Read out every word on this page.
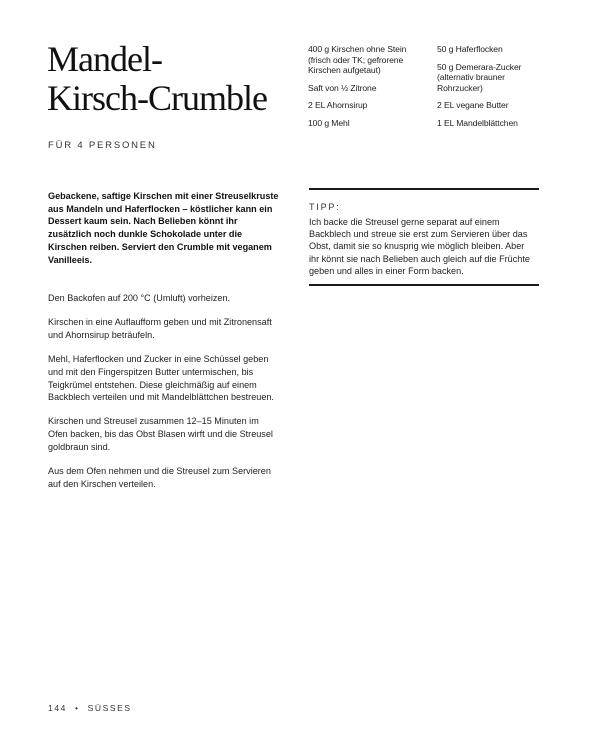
Mandel-
Kirsch-Crumble
FÜR 4 PERSONEN
400 g Kirschen ohne Stein (frisch oder TK; gefrorene Kirschen aufgetaut)
Saft von ½ Zitrone
2 EL Ahornsirup
100 g Mehl
50 g Haferflocken
50 g Demerara-Zucker (alternativ brauner Rohrzucker)
2 EL vegane Butter
1 EL Mandelblättchen
Gebackene, saftige Kirschen mit einer Streuselkruste aus Mandeln und Haferflocken – köstlicher kann ein Dessert kaum sein. Nach Belieben könnt ihr zusätzlich noch dunkle Schokolade unter die Kirschen reiben. Serviert den Crumble mit veganem Vanilleeis.

Den Backofen auf 200 °C (Umluft) vorheizen.

Kirschen in eine Auflaufform geben und mit Zitronensaft und Ahornsirup beträufeln.

Mehl, Haferflocken und Zucker in eine Schüssel geben und mit den Fingerspitzen Butter untermischen, bis Teigkrümel entstehen. Diese gleichmäßig auf einem Backblech verteilen und mit Mandelblättchen bestreuen.

Kirschen und Streusel zusammen 12–15 Minuten im Ofen backen, bis das Obst Blasen wirft und die Streusel goldbraun sind.

Aus dem Ofen nehmen und die Streusel zum Servieren auf den Kirschen verteilen.

TIPP:
Ich backe die Streusel gerne separat auf einem Backblech und streue sie erst zum Servieren über das Obst, damit sie so knusprig wie möglich bleiben. Aber ihr könnt sie nach Belieben auch gleich auf die Früchte geben und alles in einer Form backen.
144 • SÜSSES
